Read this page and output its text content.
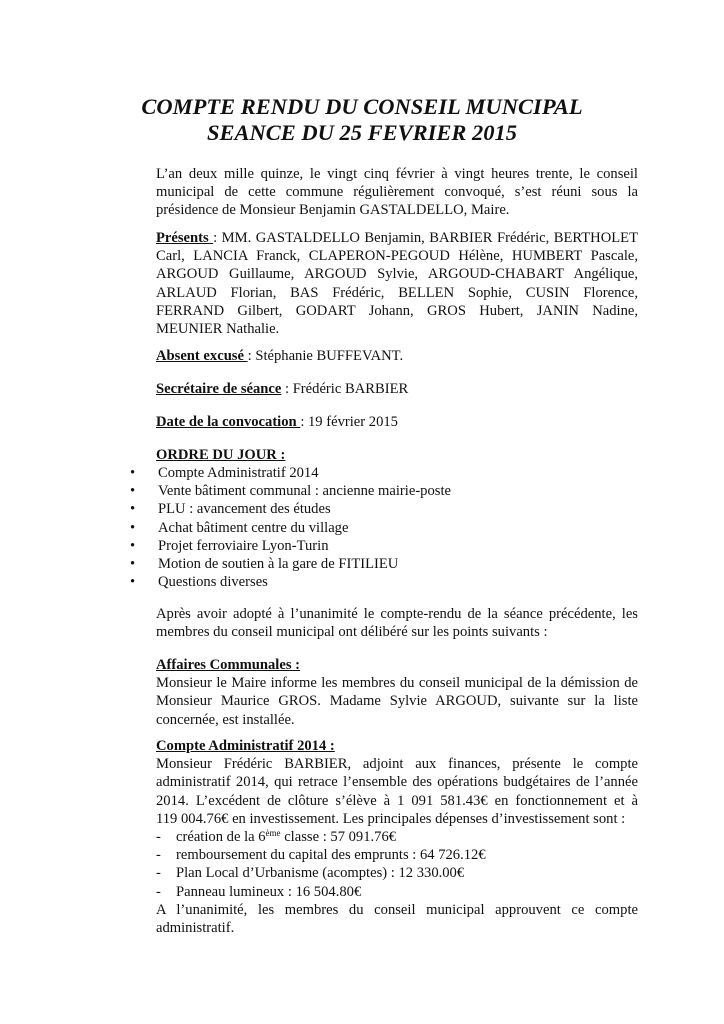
COMPTE RENDU DU CONSEIL MUNCIPAL
SEANCE DU 25 FEVRIER 2015
L’an deux mille quinze, le vingt cinq février à vingt heures trente, le conseil
municipal de cette commune régulièrement convoqué, s’est réuni sous la
présidence de Monsieur Benjamin GASTALDELLO, Maire.
Présents : MM. GASTALDELLO Benjamin, BARBIER Frédéric, BERTHOLET
Carl, LANCIA Franck, CLAPERON-PEGOUD Hélène, HUMBERT Pascale,
ARGOUD Guillaume, ARGOUD Sylvie, ARGOUD-CHABART Angélique,
ARLAUD Florian, BAS Frédéric, BELLEN Sophie, CUSIN Florence,
FERRAND Gilbert, GODART Johann, GROS Hubert, JANIN Nadine,
MEUNIER Nathalie.
Absent excusé : Stéphanie BUFFEVANT.
Secrétaire de séance : Frédéric BARBIER
Date de la convocation : 19 février 2015
ORDRE DU JOUR :
• Compte Administratif 2014
• Vente bâtiment communal : ancienne mairie-poste
• PLU : avancement des études
• Achat bâtiment centre du village
• Projet ferroviaire Lyon-Turin
• Motion de soutien à la gare de FITILIEU
• Questions diverses
Après avoir adopté à l’unanimité le compte-rendu de la séance précédente, les
membres du conseil municipal ont délibéré sur les points suivants :
Affaires Communales :
Monsieur le Maire informe les membres du conseil municipal de la démission de
Monsieur Maurice GROS. Madame Sylvie ARGOUD, suivante sur la liste
concernée, est installée.
Compte Administratif 2014 :
Monsieur Frédéric BARBIER, adjoint aux finances, présente le compte
administratif 2014, qui retrace l’ensemble des opérations budgétaires de l’année
2014. L’excédent de clôture s’élève à 1 091 581.43€ en fonctionnement et à
119 004.76€ en investissement. Les principales dépenses d’investissement sont :
- création de la 6ème classe : 57 091.76€
- remboursement du capital des emprunts : 64 726.12€
- Plan Local d’Urbanisme (acomptes) : 12 330.00€
- Panneau lumineux : 16 504.80€
A l’unanimité, les membres du conseil municipal approuvent ce compte
administratif.
